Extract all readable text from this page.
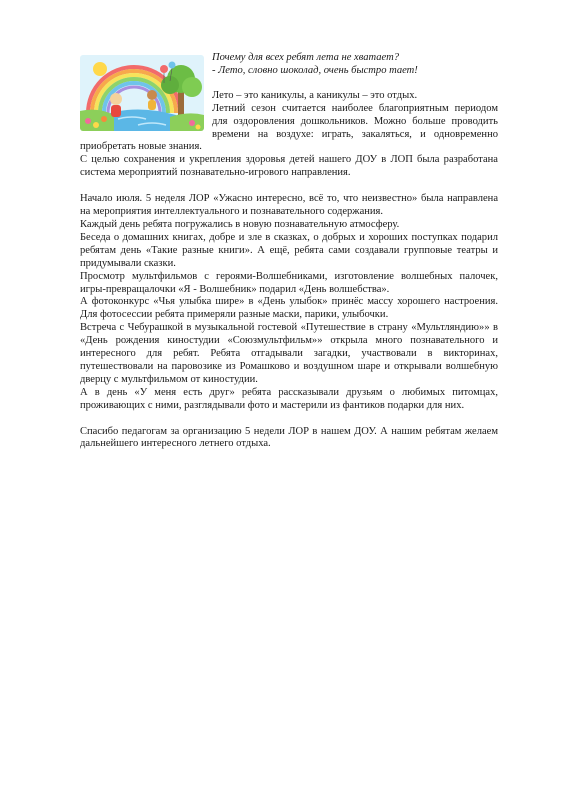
Почему для всех ребят лета не хватает?
- Лето, словно шоколад, очень быстро тает!

Лето – это каникулы, а каникулы – это отдых.

Летний сезон считается наиболее благоприятным периодом для оздоровления дошкольников. Можно больше проводить времени на воздухе: играть, закаляться, и одновременно приобретать новые знания.

С целью сохранения и укрепления здоровья детей нашего ДОУ в ЛОП была разработана система мероприятий познавательно-игрового направления.

Начало июля. 5 неделя ЛОР «Ужасно интересно, всё то, что неизвестно» была направлена на мероприятия интеллектуального и познавательного содержания.

Каждый день ребята погружались в новую познавательную атмосферу.

Беседа о домашних книгах, добре и зле в сказках, о добрых и хороших поступках подарил ребятам день «Такие разные книги». А ещё, ребята сами создавали групповые театры и придумывали сказки.

Просмотр мультфильмов с героями-Волшебниками, изготовление волшебных палочек, игры-превращалочки «Я - Волшебник» подарил «День волшебства».

А фотоконкурс «Чья улыбка шире» в «День улыбок» принёс массу хорошего настроения. Для фотосессии ребята примеряли разные маски, парики, улыбочки.

Встреча с Чебурашкой в музыкальной гостевой «Путешествие в страну «Мультляндию»» в «День рождения киностудии «Союзмультфильм»» открыла много познавательного и интересного для ребят. Ребята отгадывали загадки, участвовали в викторинах, путешествовали на паровозике из Ромашково и воздушном шаре и открывали волшебную дверцу с мультфильмом от киностудии.

А в день «У меня есть друг» ребята рассказывали друзьям о любимых питомцах, проживающих с ними, разглядывали фото и мастерили из фантиков подарки для них.

Спасибо педагогам за организацию 5 недели ЛОР в нашем ДОУ. А нашим ребятам желаем дальнейшего интересного летнего отдыха.
